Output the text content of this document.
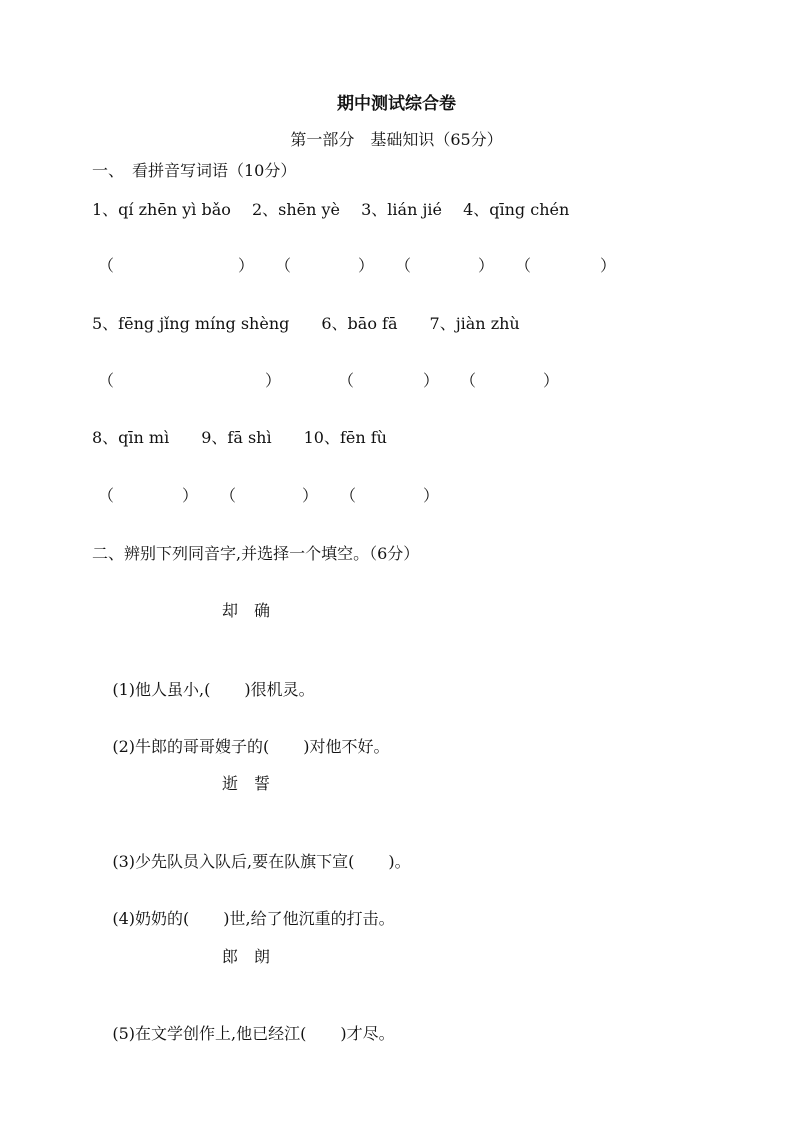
期中测试综合卷
第一部分　基础知识（65分）
一、　看拼音写词语（10分）
1、qí zhēn yì bǎo　 2、shēn yè　 3、lián jié　 4、qīng chén
（	） （	） （	） （	）
5、fēng jǐng míng shèng　　6、bāo fā　　7、jiàn zhù
（	）	（	） （	）
8、qīn mì　　9、fā shì　　10、fēn fù
（	） （	） （	）
二、辨别下列同音字,并选择一个填空。（6分）
却　确

(1)他人虽小,( )很机灵。

(2)牛郎的哥哥嫂子的( )对他不好。

逝　誓

(3)少先队员入队后,要在队旗下宣( )。

(4)奶奶的( )世,给了他沉重的打击。

郎　朗

(5)在文学创作上,他已经江( )才尽。
